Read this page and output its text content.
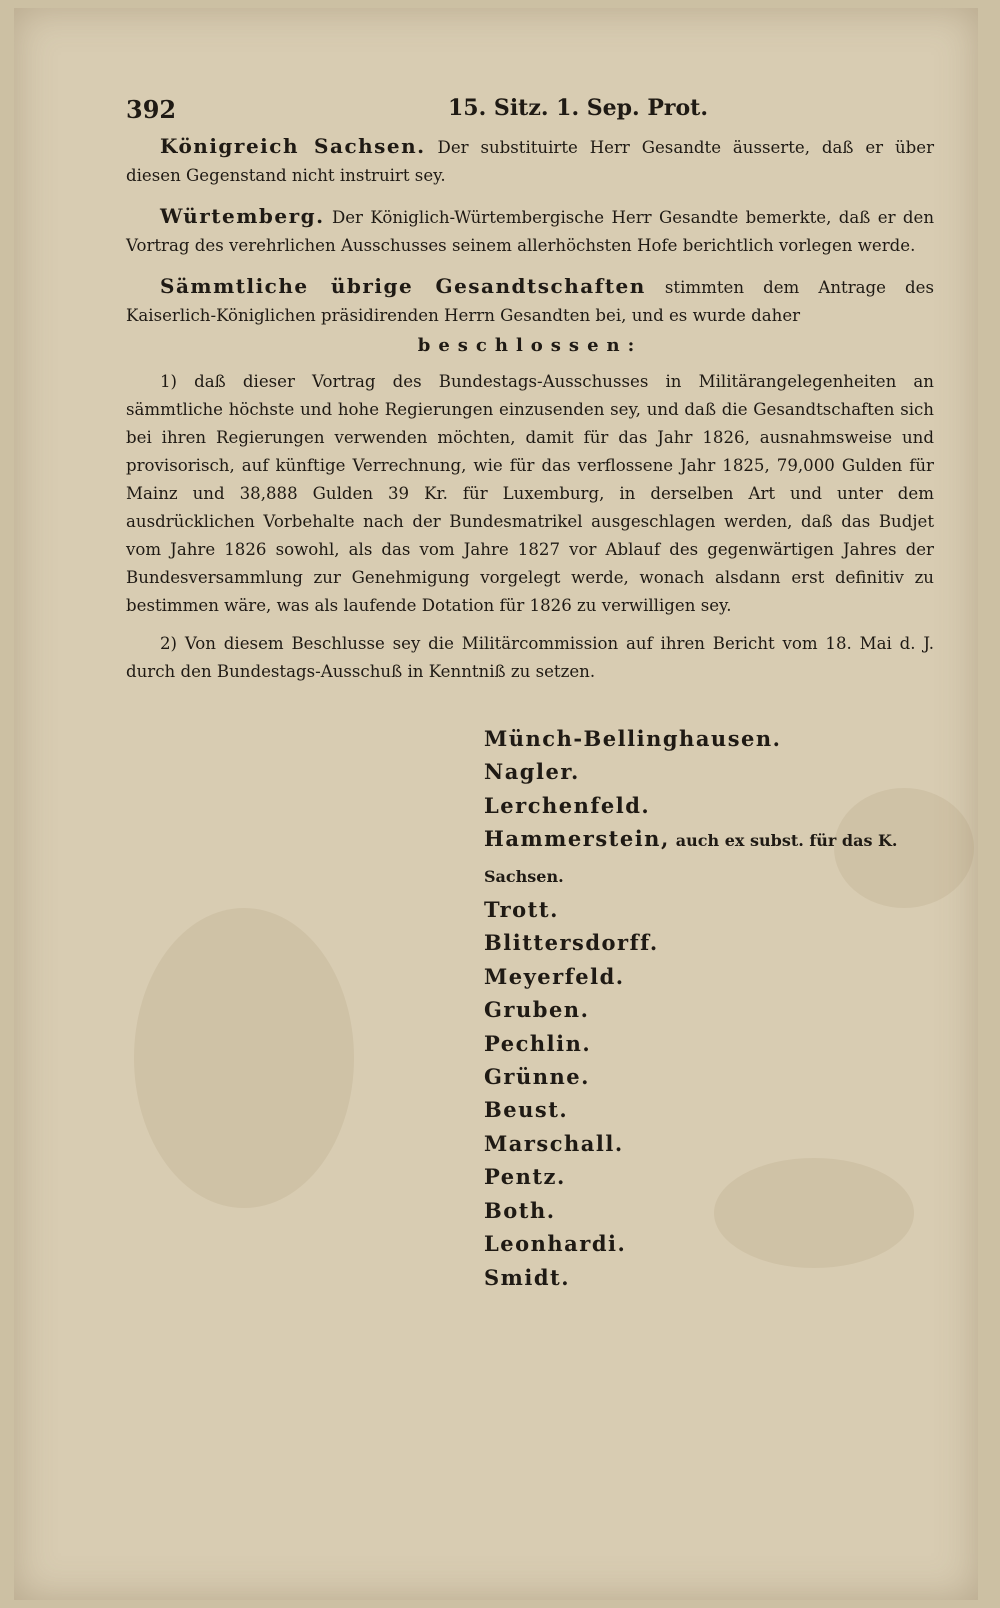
392	15. Sitz. 1. Sep. Prot.

Königreich Sachsen. Der substituirte Herr Gesandte äusserte, daß er über diesen Gegenstand nicht instruirt sey.

Würtemberg. Der Königlich-Würtembergische Herr Gesandte bemerkte, daß er den Vortrag des verehrlichen Ausschusses seinem allerhöchsten Hofe berichtlich vorlegen werde.

Sämmtliche übrige Gesandtschaften stimmten dem Antrage des Kaiserlich-Königlichen präsidirenden Herrn Gesandten bei, und es wurde daher

beschlossen:

1) daß dieser Vortrag des Bundestags-Ausschusses in Militärangelegenheiten an sämmtliche höchste und hohe Regierungen einzusenden sey, und daß die Gesandtschaften sich bei ihren Regierungen verwenden möchten, damit für das Jahr 1826, ausnahmsweise und provisorisch, auf künftige Verrechnung, wie für das verflossene Jahr 1825, 79,000 Gulden für Mainz und 38,888 Gulden 39 Kr. für Luxemburg, in derselben Art und unter dem ausdrücklichen Vorbehalte nach der Bundesmatrikel ausgeschlagen werden, daß das Budjet vom Jahre 1826 sowohl, als das vom Jahre 1827 vor Ablauf des gegenwärtigen Jahres der Bundesversammlung zur Genehmigung vorgelegt werde, wonach alsdann erst definitiv zu bestimmen wäre, was als laufende Dotation für 1826 zu verwilligen sey.

2) Von diesem Beschlusse sey die Militärcommission auf ihren Bericht vom 18. Mai d. J. durch den Bundestags-Ausschuß in Kenntniß zu setzen.

Münch-Bellinghausen.
Nagler.
Lerchenfeld.
Hammerstein, auch ex subst. für das K. Sachsen.
Trott.
Blittersdorff.
Meyerfeld.
Gruben.
Pechlin.
Grünne.
Beust.
Marschall.
Pentz.
Both.
Leonhardi.
Smidt.
